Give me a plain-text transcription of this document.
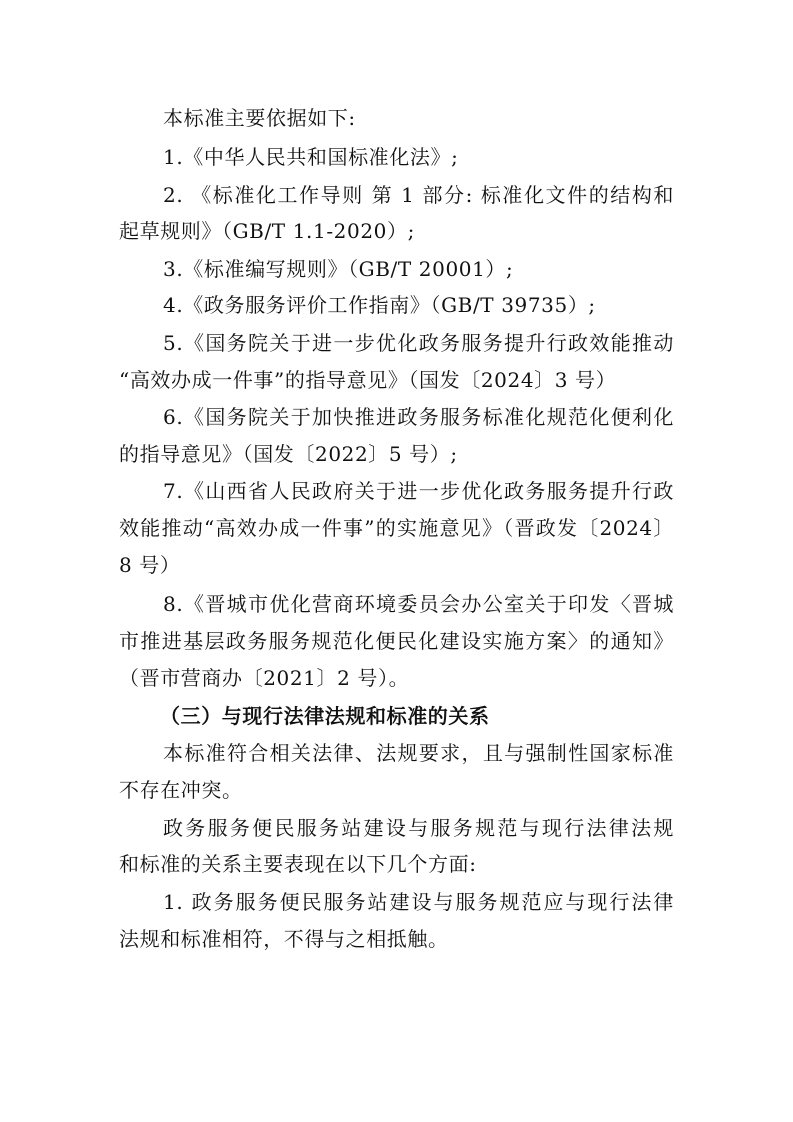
本标准主要依据如下:
1.《中华人民共和国标准化法》;
2. 《标准化工作导则 第 1 部分: 标准化文件的结构和
起草规则》（GB/T 1.1-2020）;
3.《标准编写规则》（GB/T 20001）;
4.《政务服务评价工作指南》（GB/T 39735）;
5.《国务院关于进一步优化政务服务提升行政效能推动
“高效办成一件事”的指导意见》（国发〔2024〕3 号）
6.《国务院关于加快推进政务服务标准化规范化便利化
的指导意见》（国发〔2022〕5 号）;
7.《山西省人民政府关于进一步优化政务服务提升行政
效能推动“高效办成一件事”的实施意见》（晋政发〔2024〕
8 号）
8.《晋城市优化营商环境委员会办公室关于印发〈晋城
市推进基层政务服务规范化便民化建设实施方案〉的通知》
（晋市营商办〔2021〕2 号）。
（三）与现行法律法规和标准的关系
本标准符合相关法律、法规要求，且与强制性国家标准
不存在冲突。
政务服务便民服务站建设与服务规范与现行法律法规
和标准的关系主要表现在以下几个方面:
1. 政务服务便民服务站建设与服务规范应与现行法律
法规和标准相符，不得与之相抵触。
